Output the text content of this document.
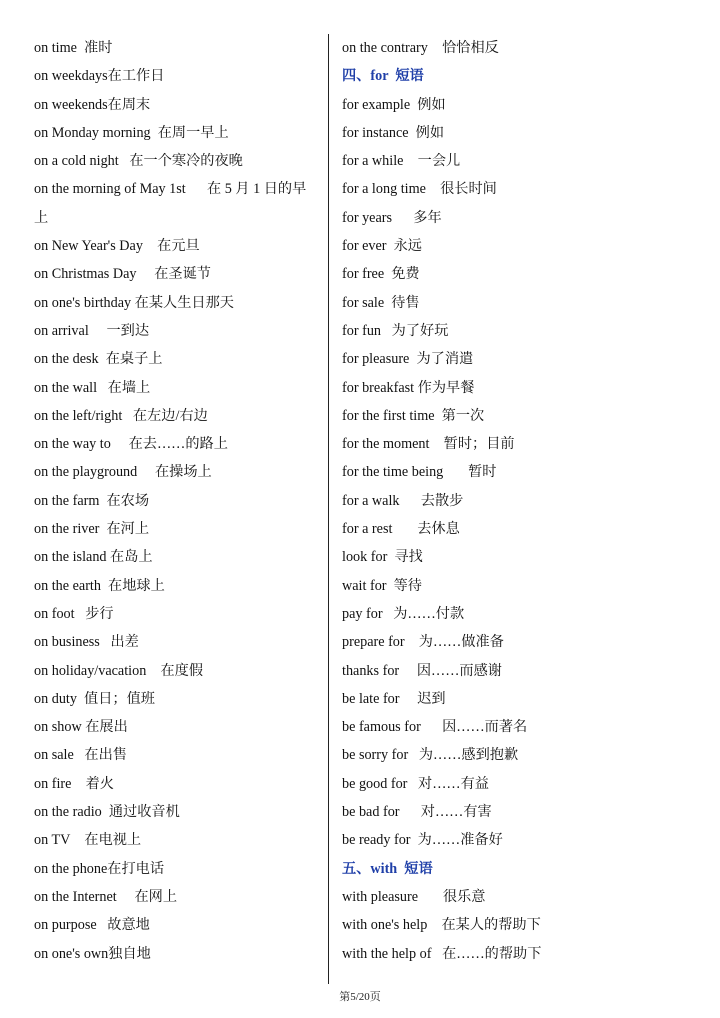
on time  准时
on weekdays在工作日
on weekends在周末
on Monday morning  在周一早上
on a cold night   在一个寒冷的夜晚
on the morning of May 1st      在 5 月 1 日的早
上
on New Year's Day    在元旦
on Christmas Day     在圣诞节
on one's birthday 在某人生日那天
on arrival     一到达
on the desk  在桌子上
on the wall   在墙上
on the left/right   在左边/右边
on the way to     在去……的路上
on the playground     在操场上
on the farm  在农场
on the river  在河上
on the island 在岛上
on the earth  在地球上
on foot   步行
on business   出差
on holiday/vacation    在度假
on duty  值日；值班
on show 在展出
on sale   在出售
on fire    着火
on the radio  通过收音机
on TV    在电视上
on the phone在打电话
on the Internet     在网上
on purpose   故意地
on one's own独自地
on the contrary    恰恰相反
四、for  短语
for example  例如
for instance  例如
for a while    一会儿
for a long time    很长时间
for years      多年
for ever  永远
for free  免费
for sale  待售
for fun   为了好玩
for pleasure  为了消遣
for breakfast 作为早餐
for the first time  第一次
for the moment    暂时；目前
for the time being       暂时
for a walk      去散步
for a rest       去休息
look for  寻找
wait for  等待
pay for   为……付款
prepare for    为……做准备
thanks for     因……而感谢
be late for     迟到
be famous for      因……而著名
be sorry for   为……感到抱歉
be good for   对……有益
be bad for      对……有害
be ready for  为……准备好
五、with  短语
with pleasure       很乐意
with one's help    在某人的帮助下
with the help of   在……的帮助下
第5/20页
